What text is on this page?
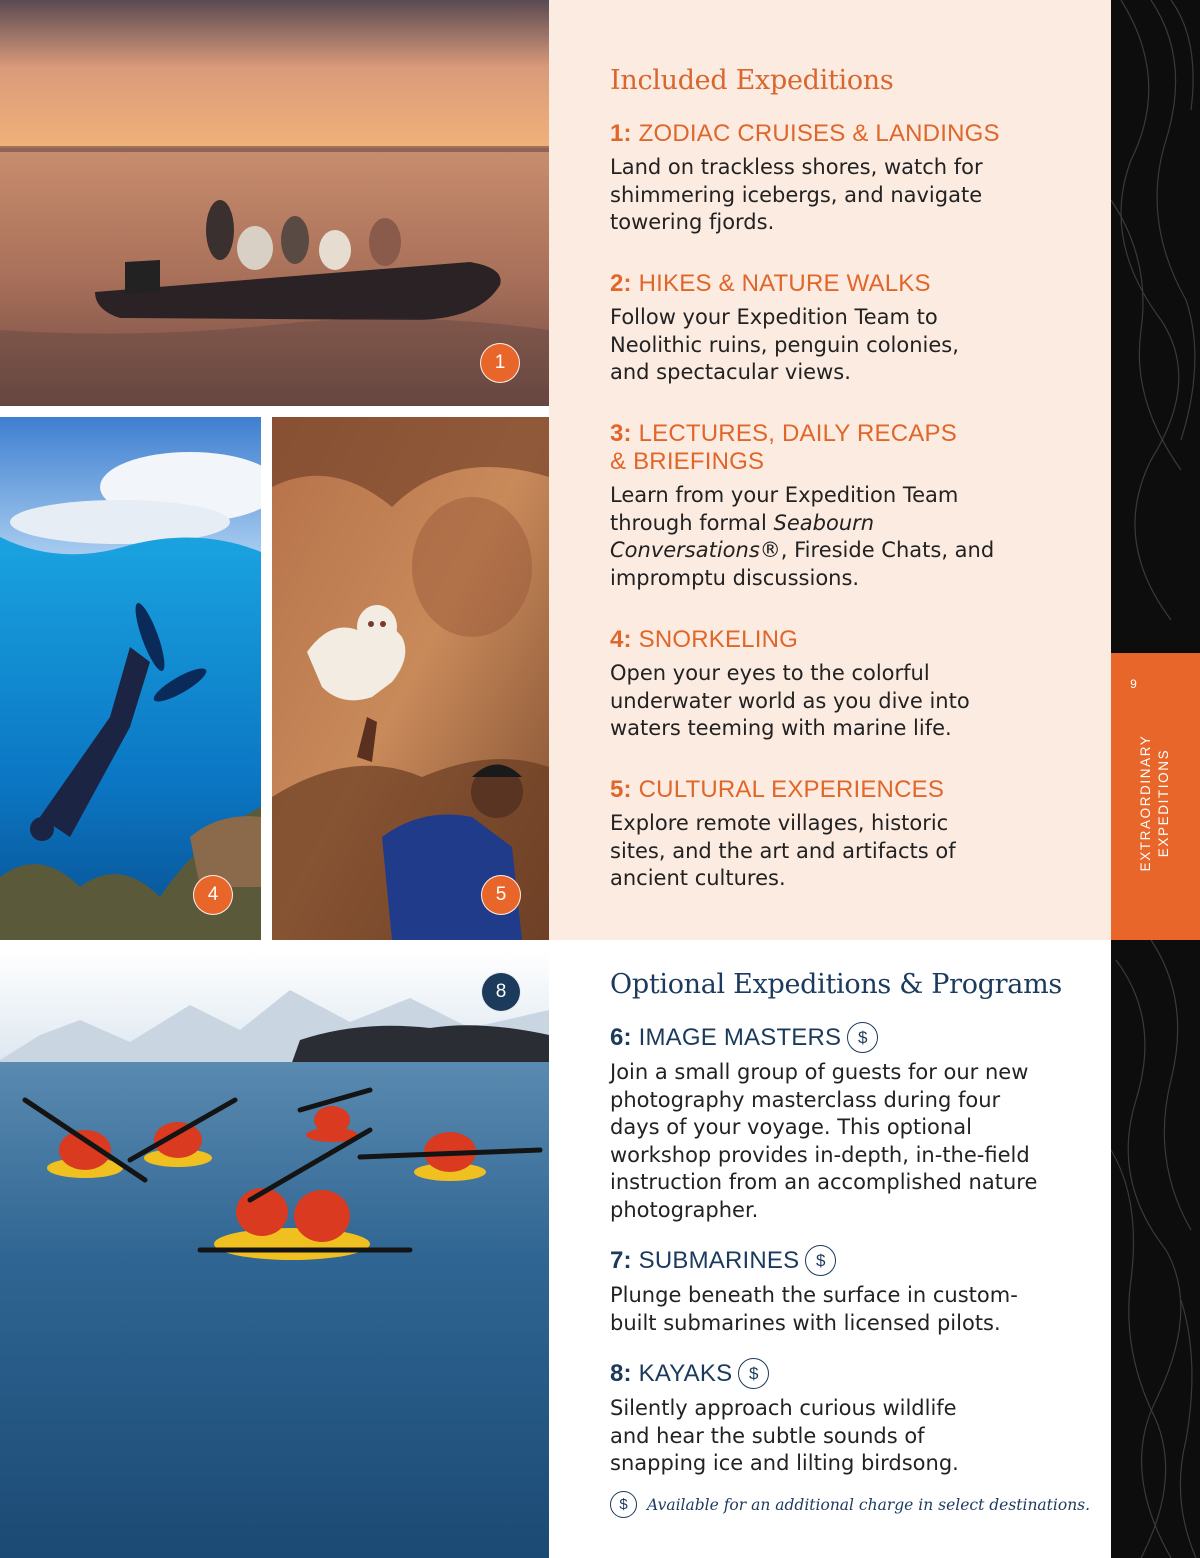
1
4	5
8
Included Expeditions
1: ZODIAC CRUISES & LANDINGS

Land on trackless shores, watch for shimmering icebergs, and navigate towering fjords.

2: HIKES & NATURE WALKS

Follow your Expedition Team to Neolithic ruins, penguin colonies, and spectacular views.

3: LECTURES, DAILY RECAPS
& BRIEFINGS

Learn from your Expedition Team through formal Seabourn Conversations®, Fireside Chats, and impromptu discussions.

4: SNORKELING

Open your eyes to the colorful underwater world as you dive into waters teeming with marine life.

5: CULTURAL EXPERIENCES

Explore remote villages, historic sites, and the art and artifacts of ancient cultures.

Optional Expeditions & Programs
6:
IMAGE MASTERS $

Join a small group of guests for our new photography masterclass during four days of your voyage. This optional workshop provides in-depth, in-the-field instruction from an accomplished nature photographer.

7:
SUBMARINES $

Plunge beneath the surface in custom-built submarines with licensed pilots.

8:
KAYAKS $

Silently approach curious wildlife and hear the subtle sounds of snapping ice and lilting birdsong.

$	Available for an additional charge in select destinations.
9
EXTRAORDINARY EXPEDITIONS
